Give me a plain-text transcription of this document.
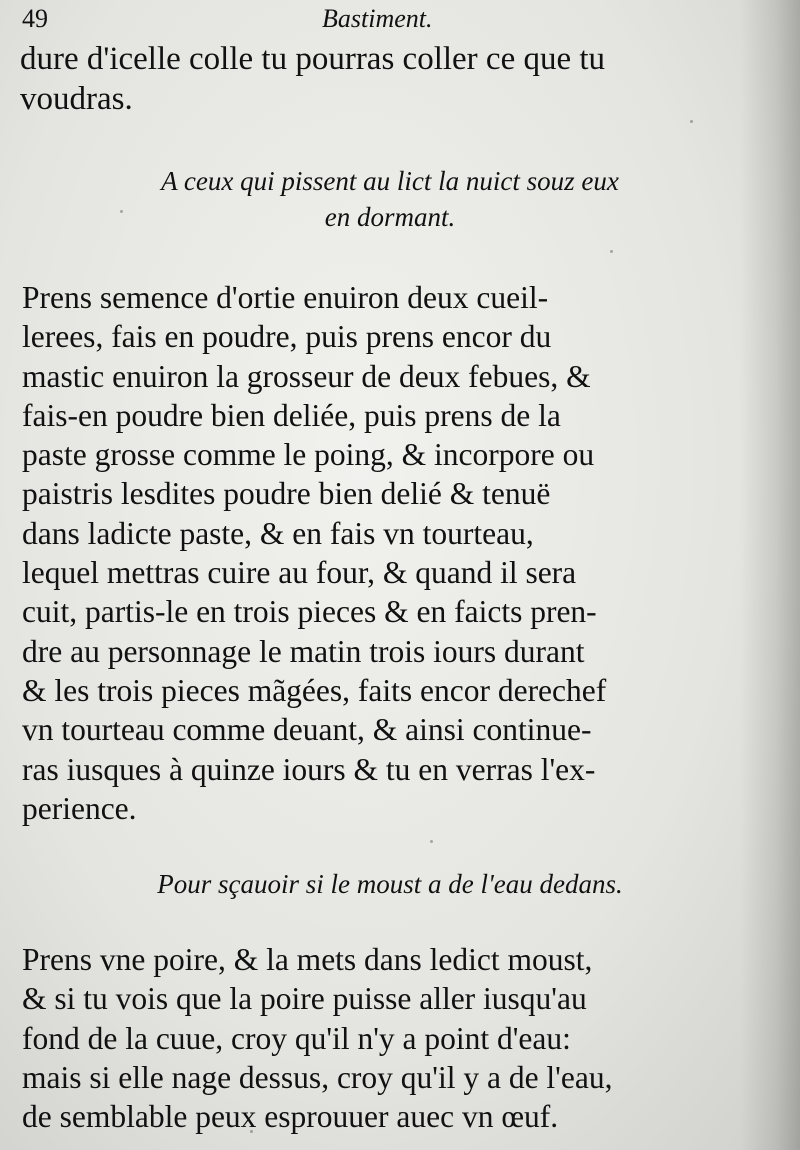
49	Bastiment.
dure d'icelle colle tu pourras coller ce que tu
voudras.
A ceux qui pissent au lict la nuict souz eux
en dormant.
Prens semence d'ortie enuiron deux cueil-
lerees, fais en poudre, puis prens encor du
mastic enuiron la grosseur de deux febues, &
fais-en poudre bien deliée, puis prens de la
paste grosse comme le poing, & incorpore ou
paistris lesdites poudre bien delié & tenuë
dans ladicte paste, & en fais vn tourteau,
lequel mettras cuire au four, & quand il sera
cuit, partis-le en trois pieces & en faicts pren-
dre au personnage le matin trois iours durant
& les trois pieces mãgées, faits encor derechef
vn tourteau comme deuant, & ainsi continue-
ras iusques à quinze iours & tu en verras l'ex-
perience.
Pour sçauoir si le moust a de l'eau dedans.
Prens vne poire, & la mets dans ledict moust,
& si tu vois que la poire puisse aller iusqu'au
fond de la cuue, croy qu'il n'y a point d'eau:
mais si elle nage dessus, croy qu'il y a de l'eau,
de semblable peux esprouuer auec vn œuf.
